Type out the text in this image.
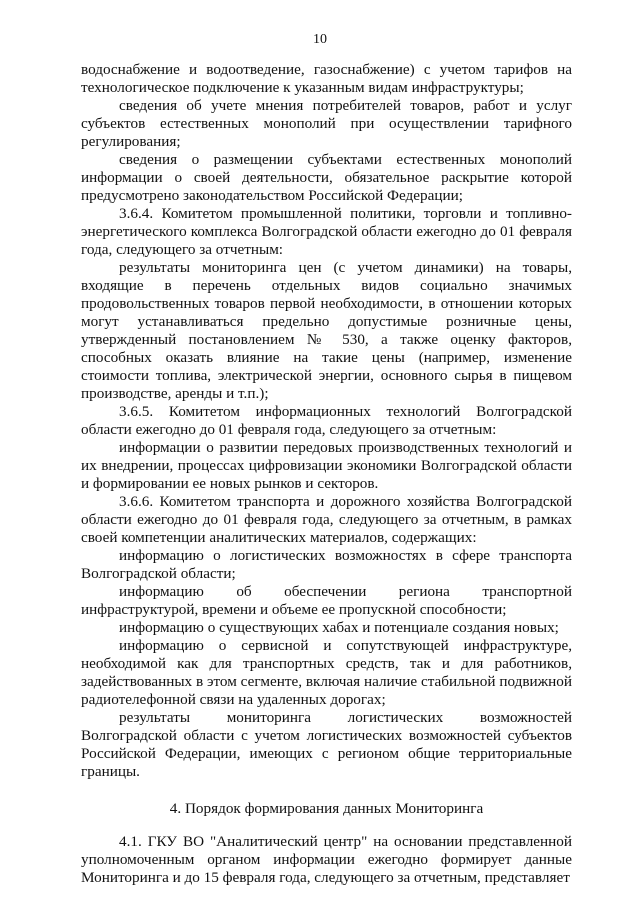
10

водоснабжение и водоотведение, газоснабжение) с учетом тарифов на технологическое подключение к указанным видам инфраструктуры;

сведения об учете мнения потребителей товаров, работ и услуг субъектов естественных монополий при осуществлении тарифного регулирования;

сведения о размещении субъектами естественных монополий информации о своей деятельности, обязательное раскрытие которой предусмотрено законодательством Российской Федерации;

3.6.4. Комитетом промышленной политики, торговли и топливно-энергетического комплекса Волгоградской области ежегодно до 01 февраля года, следующего за отчетным:

результаты мониторинга цен (с учетом динамики) на товары, входящие в перечень отдельных видов социально значимых продовольственных товаров первой необходимости, в отношении которых могут устанавливаться предельно допустимые розничные цены, утвержденный постановлением № 530, а также оценку факторов, способных оказать влияние на такие цены (например, изменение стоимости топлива, электрической энергии, основного сырья в пищевом производстве, аренды и т.п.);

3.6.5. Комитетом информационных технологий Волгоградской области ежегодно до 01 февраля года, следующего за отчетным:

информации о развитии передовых производственных технологий и их внедрении, процессах цифровизации экономики Волгоградской области и формировании ее новых рынков и секторов.

3.6.6. Комитетом транспорта и дорожного хозяйства Волгоградской области ежегодно до 01 февраля года, следующего за отчетным, в рамках своей компетенции аналитических материалов, содержащих:

информацию о логистических возможностях в сфере транспорта Волгоградской области;

информацию об обеспечении региона транспортной инфраструктурой, времени и объеме ее пропускной способности;

информацию о существующих хабах и потенциале создания новых;

информацию о сервисной и сопутствующей инфраструктуре, необходимой как для транспортных средств, так и для работников, задействованных в этом сегменте, включая наличие стабильной подвижной радиотелефонной связи на удаленных дорогах;

результаты мониторинга логистических возможностей Волгоградской области с учетом логистических возможностей субъектов Российской Федерации, имеющих с регионом общие территориальные границы.

4. Порядок формирования данных Мониторинга

4.1. ГКУ ВО "Аналитический центр" на основании представленной уполномоченным органом информации ежегодно формирует данные Мониторинга и до 15 февраля года, следующего за отчетным, представляет
